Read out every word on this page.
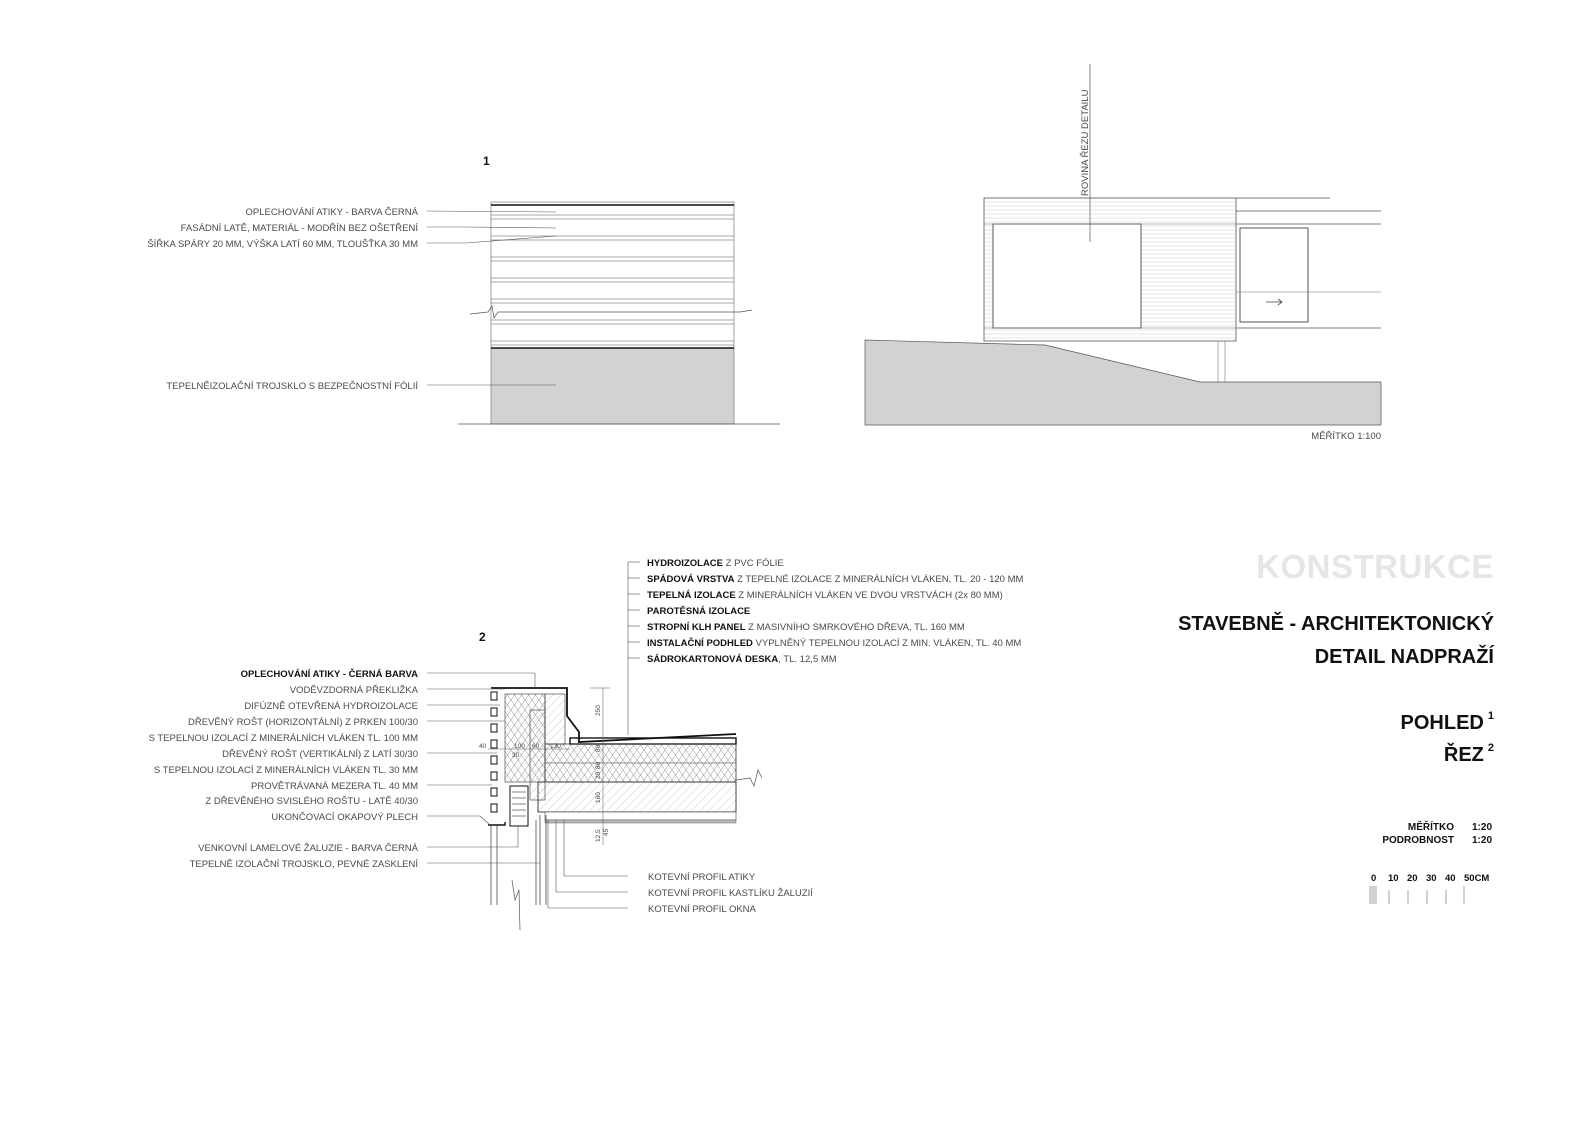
1
OPLECHOVÁNÍ ATIKY - BARVA ČERNÁ
FASÁDNÍ LATĚ, MATERIÁL - MODŘÍN BEZ OŠETŘENÍ
ŠÍŘKA SPÁRY 20 MM, VÝŠKA LATÍ 60 MM, TLOUŠŤKA 30 MM
TEPELNĚIZOLAČNÍ TROJSKLO S BEZPEČNOSTNÍ FÓLIÍ
ROVINA ŘEZU DETAILU
MĚŘÍTKO 1:100
2
40	100 60 130
30
250
80
80
20
160
12,5 45
HYDROIZOLACE Z PVC FÓLIE
SPÁDOVÁ VRSTVA Z TEPELNÉ IZOLACE Z MINERÁLNÍCH VLÁKEN, TL. 20 - 120 MM
TEPELNÁ IZOLACE Z MINERÁLNÍCH VLÁKEN VE DVOU VRSTVÁCH (2x 80 MM)
PAROTĚSNÁ IZOLACE
STROPNÍ KLH PANEL Z MASIVNÍHO SMRKOVÉHO DŘEVA, TL. 160 MM
INSTALAČNÍ PODHLED VYPLNĚNÝ TEPELNOU IZOLACÍ Z MIN. VLÁKEN, TL. 40 MM
SÁDROKARTONOVÁ DESKA, TL. 12,5 MM
OPLECHOVÁNÍ ATIKY - ČERNÁ BARVA
VODĚVZDORNÁ PŘEKLIŽKA
DIFÚZNĚ OTEVŘENÁ HYDROIZOLACE
DŘEVĚNÝ ROŠT (HORIZONTÁLNÍ) Z PRKEN 100/30
S TEPELNOU IZOLACÍ Z MINERÁLNÍCH VLÁKEN TL. 100 MM
DŘEVĚNÝ ROŠT (VERTIKÁLNÍ) Z LATÍ 30/30
S TEPELNOU IZOLACÍ Z MINERÁLNÍCH VLÁKEN TL. 30 MM
PROVĚTRÁVANÁ MEZERA TL. 40 MM
Z DŘEVĚNÉHO SVISLÉHO ROŠTU - LATĚ 40/30
UKONČOVACÍ OKAPOVÝ PLECH
VENKOVNÍ LAMELOVÉ ŽALUZIE - BARVA ČERNÁ
TEPELNĚ IZOLAČNÍ TROJSKLO, PEVNÉ ZASKLENÍ
KOTEVNÍ PROFIL ATIKY
KOTEVNÍ PROFIL KASTLÍKU ŽALUZIÍ
KOTEVNÍ PROFIL OKNA
KONSTRUKCE
STAVEBNĚ - ARCHITEKTONICKÝ
DETAIL NADPRAŽÍ
POHLED $^1$
ŘEZ $^2$
MĚŘÍTKO 1:20
PODROBNOST 1:20
0 10 20 30 40 50CM
